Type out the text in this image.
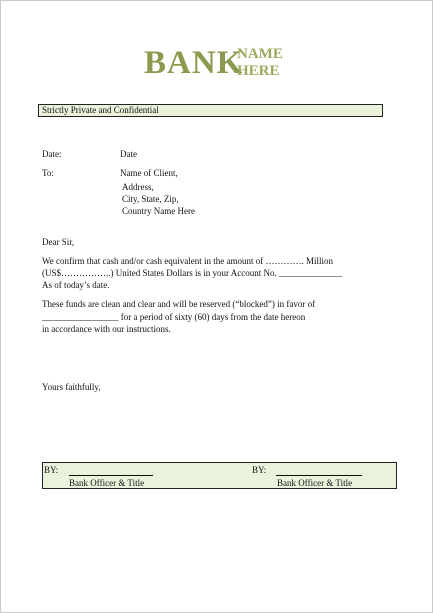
BANK
NAME
HERE
Strictly Private and Confidential
Date:	Date
To:	Name of Client,
Address,
City, State, Zip,
Country Name Here
Dear Sir,
We confirm that cash and/or cash equivalent in the amount of …………. Million
(US$……………..) United States Dollars is in your Account No. ______________
As of today’s date.
These funds are clean and clear and will be reserved (“blocked”) in favor of
_________________ for a period of sixty (60) days from the date hereon
in accordance with our instructions.
Yours faithfully,
BY:
Bank Officer & Title
BY:
Bank Officer & Title
